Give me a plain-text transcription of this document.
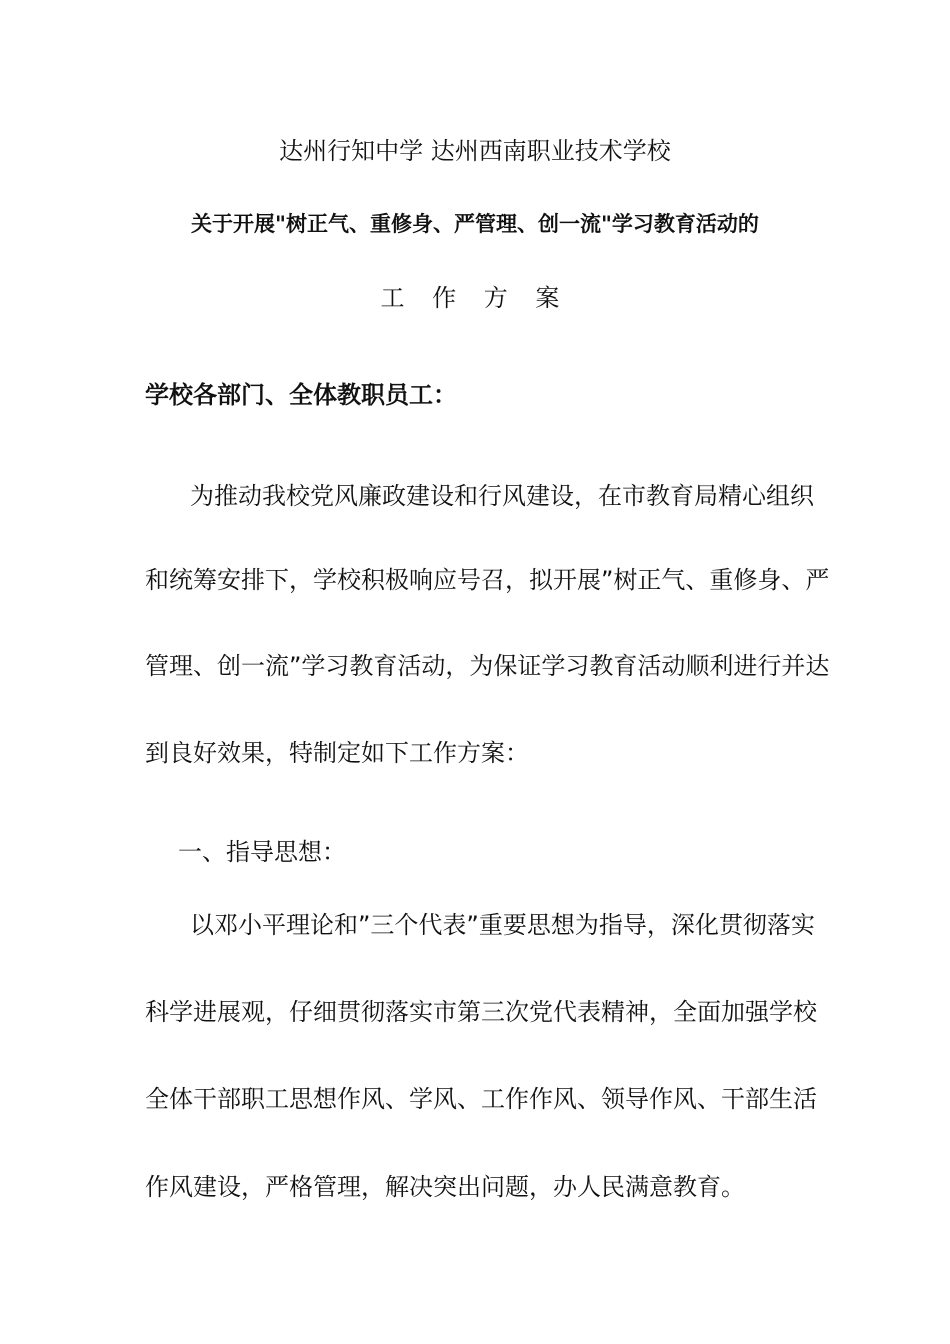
达州行知中学 达州西南职业技术学校
关于开展"树正气、重修身、严管理、创一流"学习教育活动的
工 作 方 案
学校各部门、全体教职员工：
为推动我校党风廉政建设和行风建设，在市教育局精心组织
和统筹安排下，学校积极响应号召，拟开展”树正气、重修身、严
管理、创一流”学习教育活动，为保证学习教育活动顺利进行并达
到良好效果，特制定如下工作方案：
一、指导思想：
以邓小平理论和”三个代表”重要思想为指导，深化贯彻落实
科学进展观，仔细贯彻落实市第三次党代表精神，全面加强学校
全体干部职工思想作风、学风、工作作风、领导作风、干部生活
作风建设，严格管理，解决突出问题，办人民满意教育。
